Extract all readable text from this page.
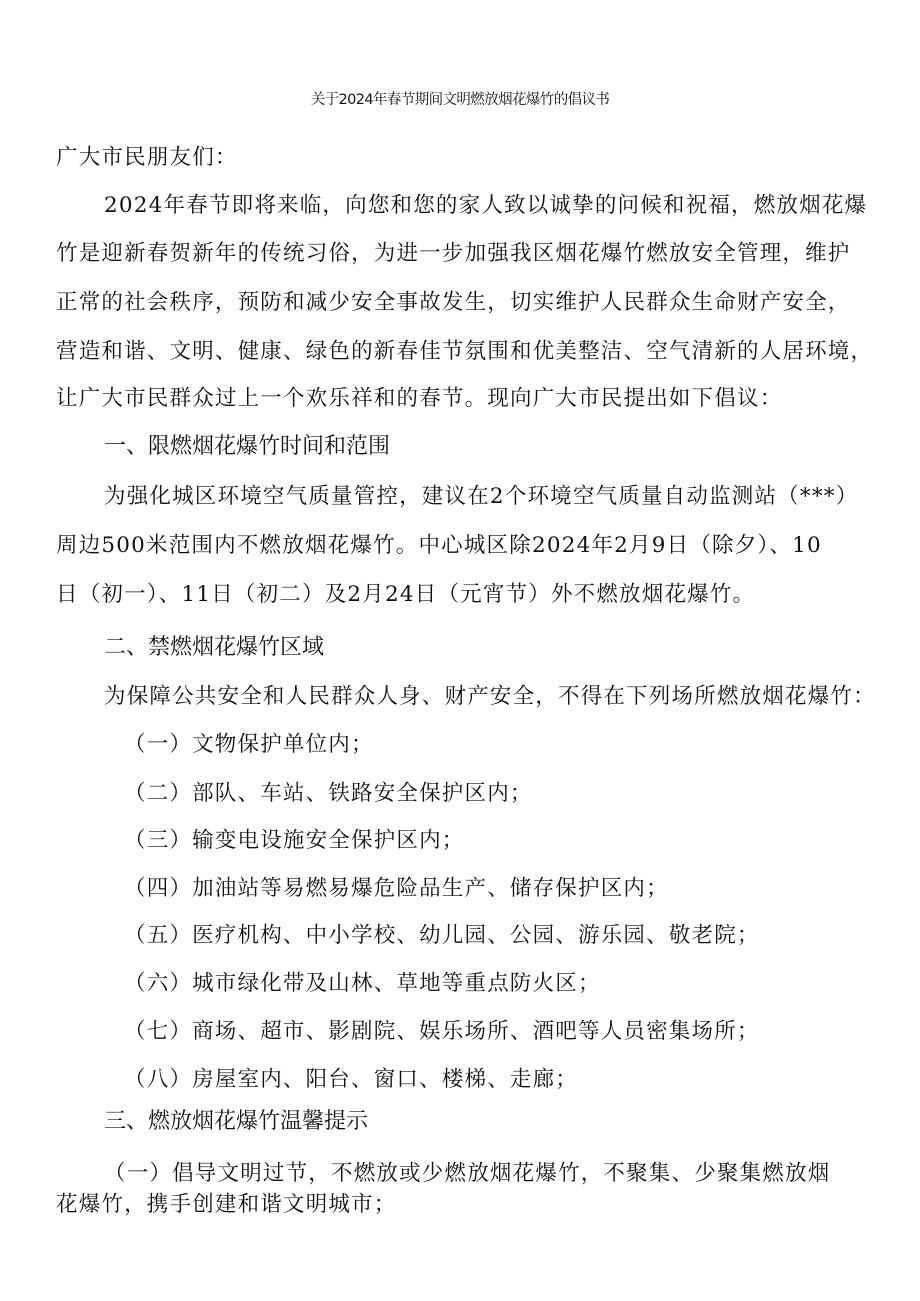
关于2024年春节期间文明燃放烟花爆竹的倡议书
广大市民朋友们：
2024年春节即将来临，向您和您的家人致以诚挚的问候和祝福，燃放烟花爆
竹是迎新春贺新年的传统习俗，为进一步加强我区烟花爆竹燃放安全管理，维护
正常的社会秩序，预防和减少安全事故发生，切实维护人民群众生命财产安全，
营造和谐、文明、健康、绿色的新春佳节氛围和优美整洁、空气清新的人居环境，
让广大市民群众过上一个欢乐祥和的春节。现向广大市民提出如下倡议：
一、限燃烟花爆竹时间和范围
为强化城区环境空气质量管控，建议在2个环境空气质量自动监测站（***）
周边500米范围内不燃放烟花爆竹。中心城区除2024年2月9日（除夕）、10
日（初一）、11日（初二）及2月24日（元宵节）外不燃放烟花爆竹。
二、禁燃烟花爆竹区域
为保障公共安全和人民群众人身、财产安全，不得在下列场所燃放烟花爆竹：
（一）文物保护单位内；
（二）部队、车站、铁路安全保护区内；
（三）输变电设施安全保护区内；
（四）加油站等易燃易爆危险品生产、储存保护区内；
（五）医疗机构、中小学校、幼儿园、公园、游乐园、敬老院；
（六）城市绿化带及山林、草地等重点防火区；
（七）商场、超市、影剧院、娱乐场所、酒吧等人员密集场所；
（八）房屋室内、阳台、窗口、楼梯、走廊；
三、燃放烟花爆竹温馨提示
（一）倡导文明过节，不燃放或少燃放烟花爆竹，不聚集、少聚集燃放烟
花爆竹，携手创建和谐文明城市；
